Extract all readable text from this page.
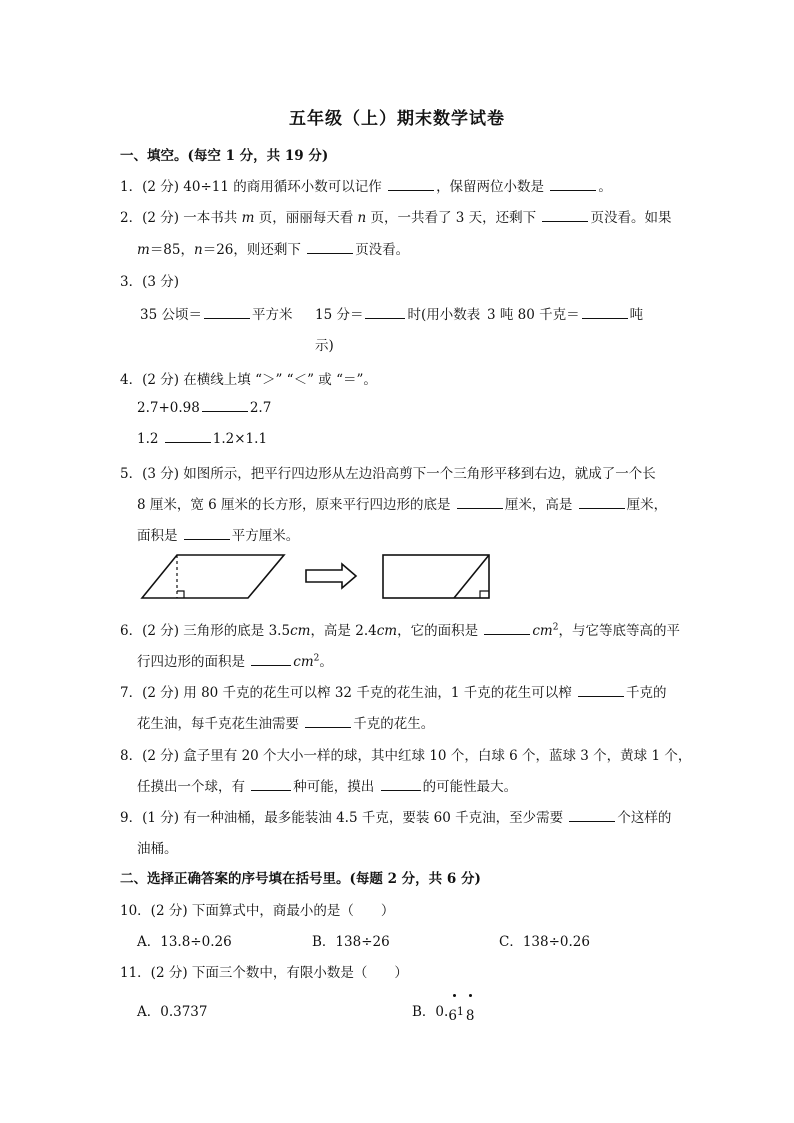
五年级（上）期末数学试卷
一、填空。(每空 1 分，共 19 分)
1．(2 分) 40÷11 的商用循环小数可以记作	，保留两位小数是	。
2．(2 分) 一本书共 m 页，丽丽每天看 n 页，一共看了 3 天，还剩下	页没看。如果
m＝85，n＝26，则还剩下	页没看。
3．(3 分)
35 公顷＝	平方米 15 分＝	时(用小数表
示)
3 吨 80 千克＝	吨
4．(2 分) 在横线上填 “＞” “＜” 或 “＝”。
2.7+0.98	2.7
1.2	1.2×1.1
5．(3 分) 如图所示，把平行四边形从左边沿高剪下一个三角形平移到右边，就成了一个长
8 厘米，宽 6 厘米的长方形，原来平行四边形的底是	厘米，高是	厘米，
面积是	平方厘米。
6．(2 分) 三角形的底是 3.5cm，高是 2.4cm，它的面积是	$cm^2$，与它等底等高的平
行四边形的面积是	$cm^2$。
7．(2 分) 用 80 千克的花生可以榨 32 千克的花生油，1 千克的花生可以榨	千克的
花生油，每千克花生油需要	千克的花生。
8．(2 分) 盒子里有 20 个大小一样的球，其中红球 10 个，白球 6 个，蓝球 3 个，黄球 1 个，
任摸出一个球，有	种可能，摸出	的可能性最大。
9．(1 分) 有一种油桶，最多能装油 4.5 千克，要装 60 千克油，至少需要	个这样的
油桶。
二、选择正确答案的序号填在括号里。(每题 2 分，共 6 分)
10．(2 分) 下面算式中，商最小的是（　　）
A．13.8÷0.26	B．138÷26	C．138÷0.26
11．(2 分) 下面三个数中，有限小数是（　　）
A．0.3737	B．0.61 8
